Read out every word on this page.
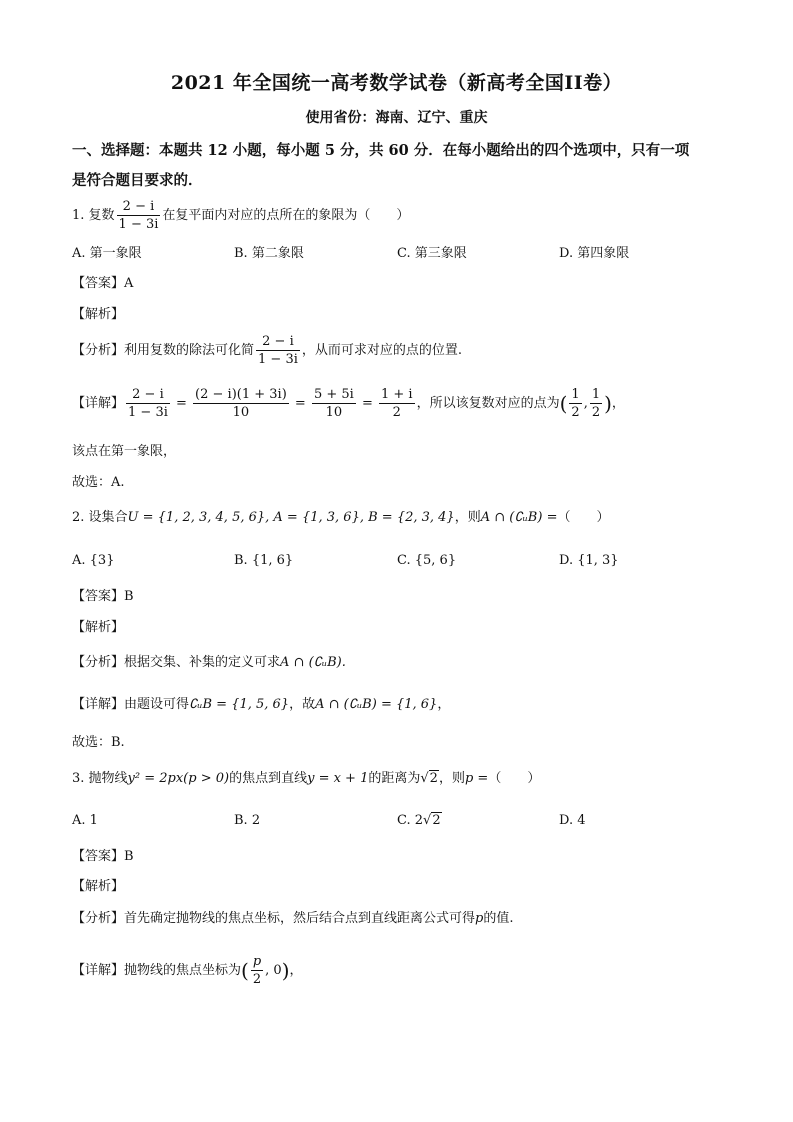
2021 年全国统一高考数学试卷（新高考全国II卷）
使用省份：海南、辽宁、重庆
一、选择题：本题共 12 小题，每小题 5 分，共 60 分．在每小题给出的四个选项中，只有一项
是符合题目要求的．
1. 复数 $\frac{2 - i}{1 - 3i}$ 在复平面内对应的点所在的象限为（　　）
A. 第一象限	B. 第二象限	C. 第三象限	D. 第四象限
【答案】A
【解析】
【分析】利用复数的除法可化简 $\frac{2 - i}{1 - 3i}$ ，从而可求对应的点的位置.
【详解】 $\frac{2 - i}{1 - 3i} = \frac{(2 - i)(1 + 3i)}{10} = \frac{5 + 5i}{10} = \frac{1 + i}{2}$ ，所以该复数对应的点为( $\frac{1}{2}$ , $\frac{1}{2}$ )，
该点在第一象限，
故选：A.
2. 设集合U = {1, 2, 3, 4, 5, 6}, A = {1, 3, 6}, B = {2, 3, 4}，则A ∩ (∁ᵤB) =（　　）
A. {3}	B. {1, 6}	C. {5, 6}	D. {1, 3}
【答案】B
【解析】
【分析】根据交集、补集的定义可求A ∩ (∁ᵤB).
【详解】由题设可得∁ᵤB = {1, 5, 6}，故A ∩ (∁ᵤB) = {1, 6}，
故选：B.
3. 抛物线y² = 2px(p > 0)的焦点到直线y = x + 1的距离为√2，则p =（　　）
A. 1	B. 2	C. 2√2	D. 4
【答案】B
【解析】
【分析】首先确定抛物线的焦点坐标，然后结合点到直线距离公式可得p的值.
【详解】抛物线的焦点坐标为( $\frac{p}{2}$ , 0)，
